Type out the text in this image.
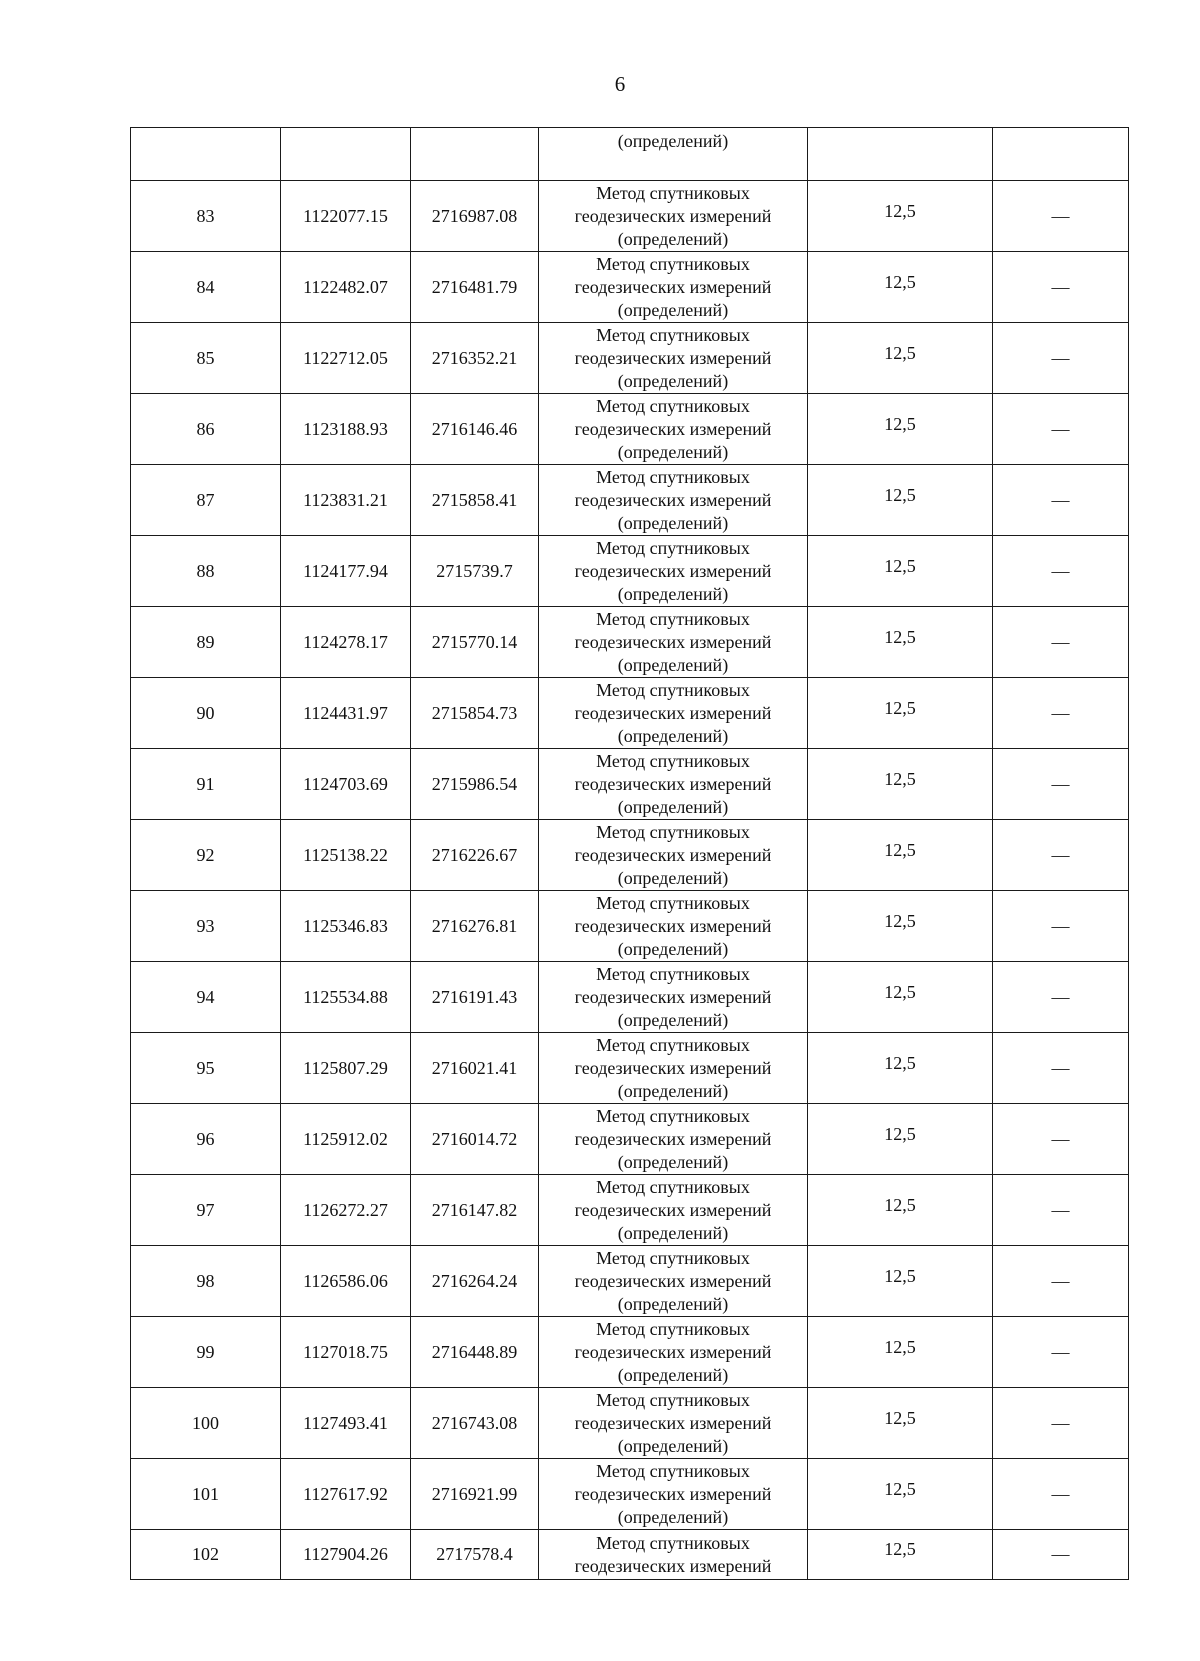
6
			(определений)		
83	1122077.15	2716987.08	Метод спутниковых
геодезических измерений
(определений)	12,5	—
84	1122482.07	2716481.79	Метод спутниковых
геодезических измерений
(определений)	12,5	—
85	1122712.05	2716352.21	Метод спутниковых
геодезических измерений
(определений)	12,5	—
86	1123188.93	2716146.46	Метод спутниковых
геодезических измерений
(определений)	12,5	—
87	1123831.21	2715858.41	Метод спутниковых
геодезических измерений
(определений)	12,5	—
88	1124177.94	2715739.7	Метод спутниковых
геодезических измерений
(определений)	12,5	—
89	1124278.17	2715770.14	Метод спутниковых
геодезических измерений
(определений)	12,5	—
90	1124431.97	2715854.73	Метод спутниковых
геодезических измерений
(определений)	12,5	—
91	1124703.69	2715986.54	Метод спутниковых
геодезических измерений
(определений)	12,5	—
92	1125138.22	2716226.67	Метод спутниковых
геодезических измерений
(определений)	12,5	—
93	1125346.83	2716276.81	Метод спутниковых
геодезических измерений
(определений)	12,5	—
94	1125534.88	2716191.43	Метод спутниковых
геодезических измерений
(определений)	12,5	—
95	1125807.29	2716021.41	Метод спутниковых
геодезических измерений
(определений)	12,5	—
96	1125912.02	2716014.72	Метод спутниковых
геодезических измерений
(определений)	12,5	—
97	1126272.27	2716147.82	Метод спутниковых
геодезических измерений
(определений)	12,5	—
98	1126586.06	2716264.24	Метод спутниковых
геодезических измерений
(определений)	12,5	—
99	1127018.75	2716448.89	Метод спутниковых
геодезических измерений
(определений)	12,5	—
100	1127493.41	2716743.08	Метод спутниковых
геодезических измерений
(определений)	12,5	—
101	1127617.92	2716921.99	Метод спутниковых
геодезических измерений
(определений)	12,5	—
102	1127904.26	2717578.4	Метод спутниковых
геодезических измерений	12,5	—
